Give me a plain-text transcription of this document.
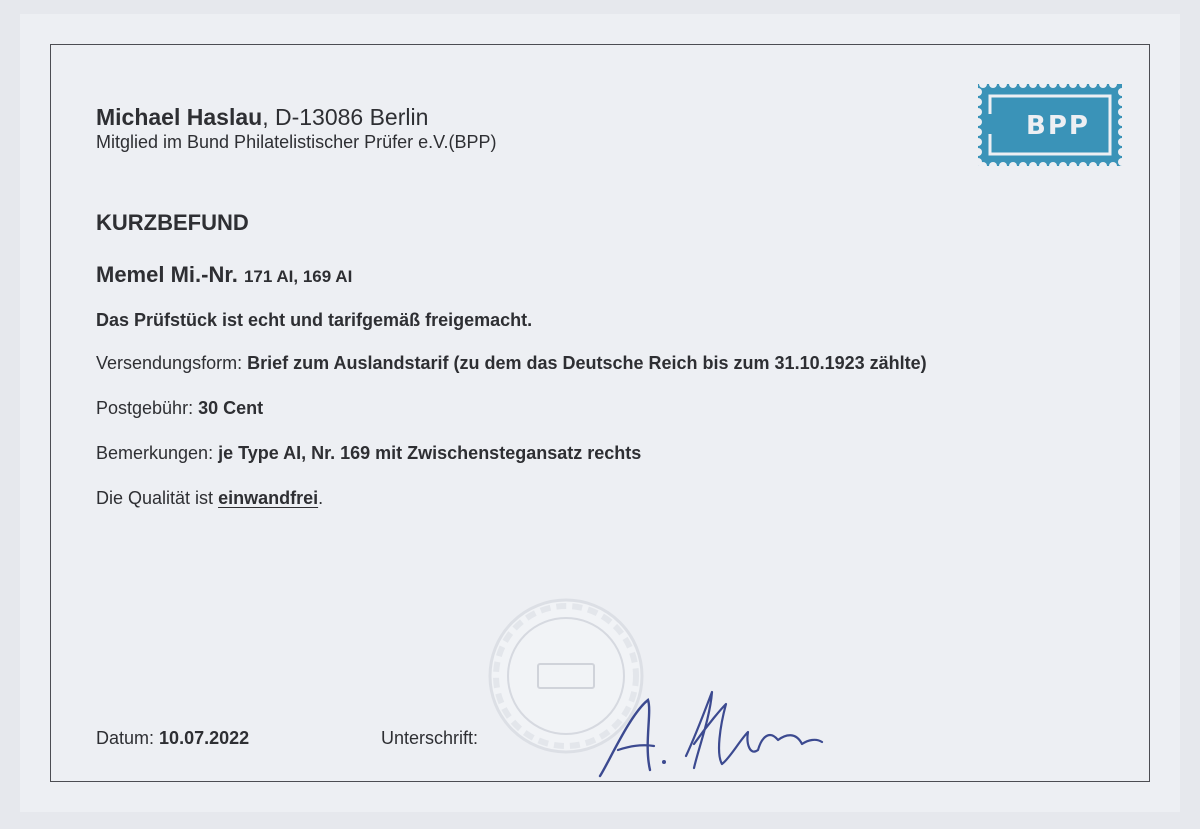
Michael Haslau, D-13086 Berlin
Mitglied im Bund Philatelistischer Prüfer e.V.(BPP)
BPP
KURZBEFUND
Memel Mi.-Nr. 171 AI, 169 AI
Das Prüfstück ist echt und tarifgemäß freigemacht.
Versendungsform: Brief zum Auslandstarif (zu dem das Deutsche Reich bis zum 31.10.1923 zählte)
Postgebühr: 30 Cent
Bemerkungen: je Type AI, Nr. 169 mit Zwischenstegansatz rechts
Die Qualität ist einwandfrei.
Datum: 10.07.2022	Unterschrift:
